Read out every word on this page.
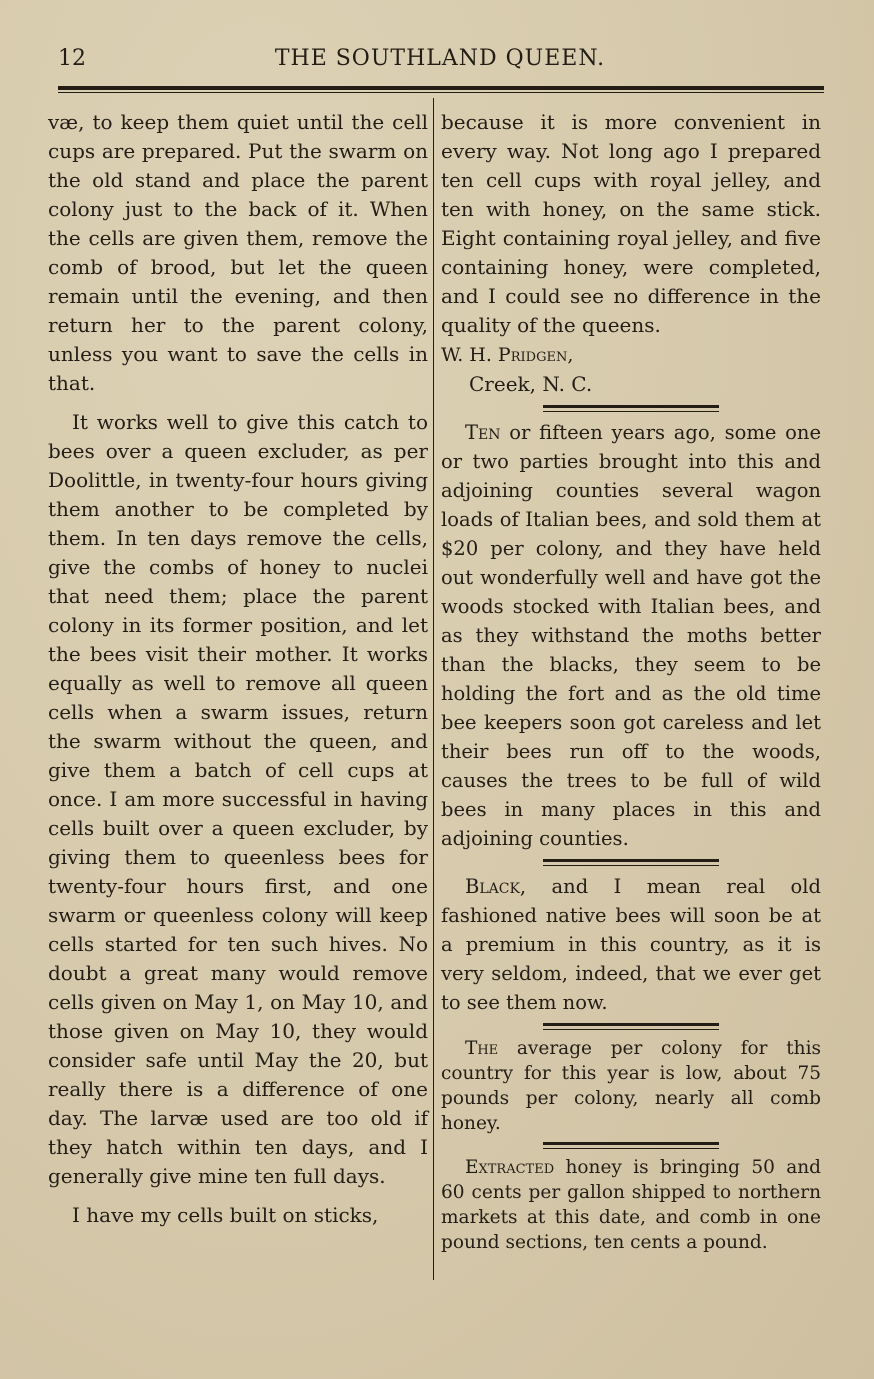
12	THE SOUTHLAND QUEEN.

væ, to keep them quiet until the cell cups are prepared. Put the swarm on the old stand and place the parent colony just to the back of it. When the cells are given them, remove the comb of brood, but let the queen remain until the evening, and then return her to the parent colony, unless you want to save the cells in that.

It works well to give this catch to bees over a queen excluder, as per Doolittle, in twenty-four hours giving them another to be completed by them. In ten days remove the cells, give the combs of honey to nuclei that need them; place the parent colony in its former position, and let the bees visit their mother. It works equally as well to remove all queen cells when a swarm issues, return the swarm without the queen, and give them a batch of cell cups at once. I am more successful in having cells built over a queen excluder, by giving them to queenless bees for twenty-four hours first, and one swarm or queenless colony will keep cells started for ten such hives. No doubt a great many would remove cells given on May 1, on May 10, and those given on May 10, they would consider safe until May the 20, but really there is a difference of one day. The larvæ used are too old if they hatch within ten days, and I generally give mine ten full days.

I have my cells built on sticks,

because it is more convenient in every way. Not long ago I prepared ten cell cups with royal jelley, and ten with honey, on the same stick. Eight containing royal jelley, and five containing honey, were completed, and I could see no difference in the quality of the queens.

W. H. Pridgen,

Creek, N. C.

Ten or fifteen years ago, some one or two parties brought into this and adjoining counties several wagon loads of Italian bees, and sold them at $20 per colony, and they have held out wonderfully well and have got the woods stocked with Italian bees, and as they withstand the moths better than the blacks, they seem to be holding the fort and as the old time bee keepers soon got careless and let their bees run off to the woods, causes the trees to be full of wild bees in many places in this and adjoining counties.

Black, and I mean real old fashioned native bees will soon be at a premium in this country, as it is very seldom, indeed, that we ever get to see them now.

The average per colony for this country for this year is low, about 75 pounds per colony, nearly all comb honey.

Extracted honey is bringing 50 and 60 cents per gallon shipped to northern markets at this date, and comb in one pound sections, ten cents a pound.
